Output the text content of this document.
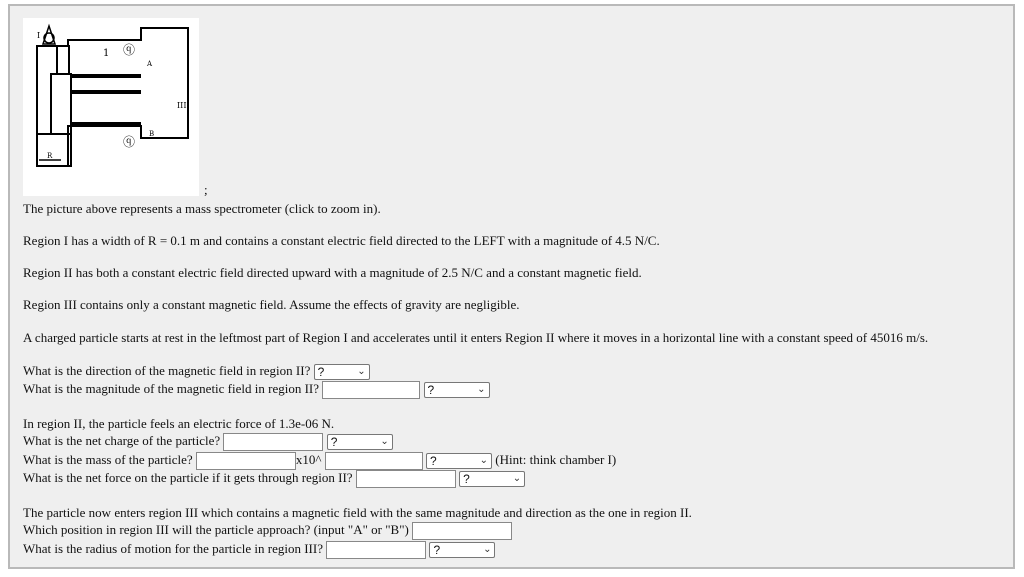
ⓠ
ⓠ
I
1
A
III
B
R
;
The picture above represents a mass spectrometer (click to zoom in).
Region I has a width of R = 0.1 m and contains a constant electric field directed to the LEFT with a magnitude of 4.5 N/C.
Region II has both a constant electric field directed upward with a magnitude of 2.5 N/C and a constant magnetic field.
Region III contains only a constant magnetic field. Assume the effects of gravity are negligible.
A charged particle starts at rest in the leftmost part of Region I and accelerates until it enters Region II where it moves in a horizontal line with a constant speed of 45016 m/s.
What is the direction of the magnetic field in region II? ?	⌄
What is the magnitude of the magnetic field in region II?	?	⌄
In region II, the particle feels an electric force of 1.3e-06 N.
What is the net charge of the particle?	?	⌄
What is the mass of the particle?	x10^	?	⌄ (Hint: think chamber I)
What is the net force on the particle if it gets through region II?	?	⌄
The particle now enters region III which contains a magnetic field with the same magnitude and direction as the one in region II.
Which position in region III will the particle approach? (input "A" or "B")
What is the radius of motion for the particle in region III?	?	⌄
